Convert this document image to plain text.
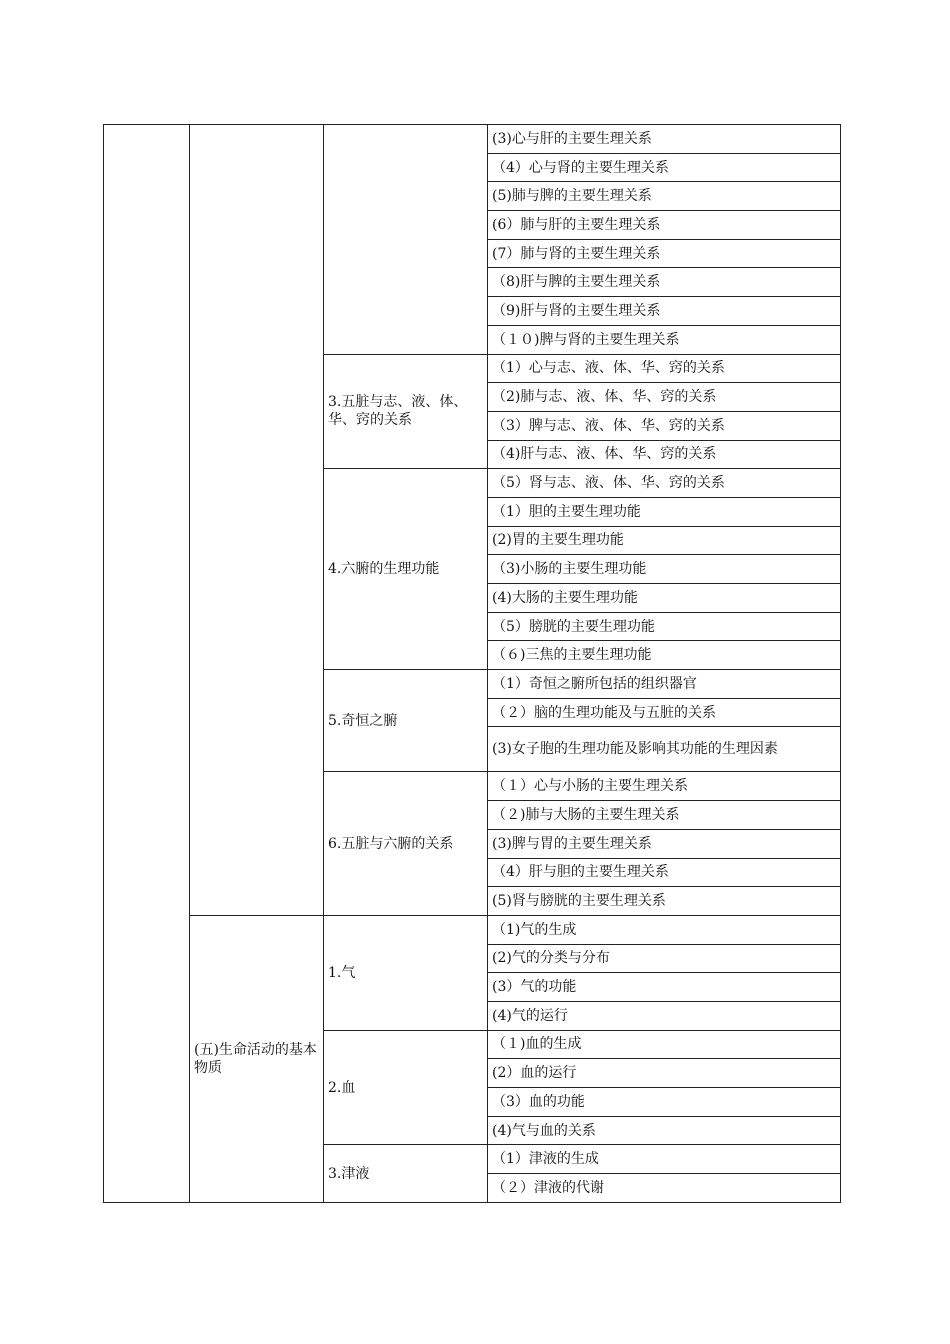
			(3)心与肝的主要生理关系
			（4）心与肾的主要生理关系
			(5)肺与脾的主要生理关系
			(6）肺与肝的主要生理关系
			(7）肺与肾的主要生理关系
			（8)肝与脾的主要生理关系
			（9)肝与肾的主要生理关系
			（１０)脾与肾的主要生理关系
		3.五脏与志、液、体、华、窍的关系	（1）心与志、液、体、华、窍的关系
			（2)肺与志、液、体、华、窍的关系
			（3）脾与志、液、体、华、窍的关系
			（4)肝与志、液、体、华、窍的关系
		4.六腑的生理功能	（5）肾与志、液、体、华、窍的关系
			（1）胆的主要生理功能
			(2)胃的主要生理功能
			（3)小肠的主要生理功能
			(4)大肠的主要生理功能
			（5）膀胱的主要生理功能
			（６)三焦的主要生理功能
		5.奇恒之腑	（1）奇恒之腑所包括的组织器官
			（２）脑的生理功能及与五脏的关系
			(3)女子胞的生理功能及影响其功能的生理因素
		6.五脏与六腑的关系	（１）心与小肠的主要生理关系
			（２)肺与大肠的主要生理关系
			(3)脾与胃的主要生理关系
			（4）肝与胆的主要生理关系
			(5)肾与膀胱的主要生理关系
	(五)生命活动的基本物质	1.气	（1)气的生成
			(2)气的分类与分布
			(3）气的功能
			(4)气的运行
		2.血	（１)血的生成
			(2）血的运行
			（3）血的功能
			(4)气与血的关系
		3.津液	（1）津液的生成
			（２）津液的代谢
